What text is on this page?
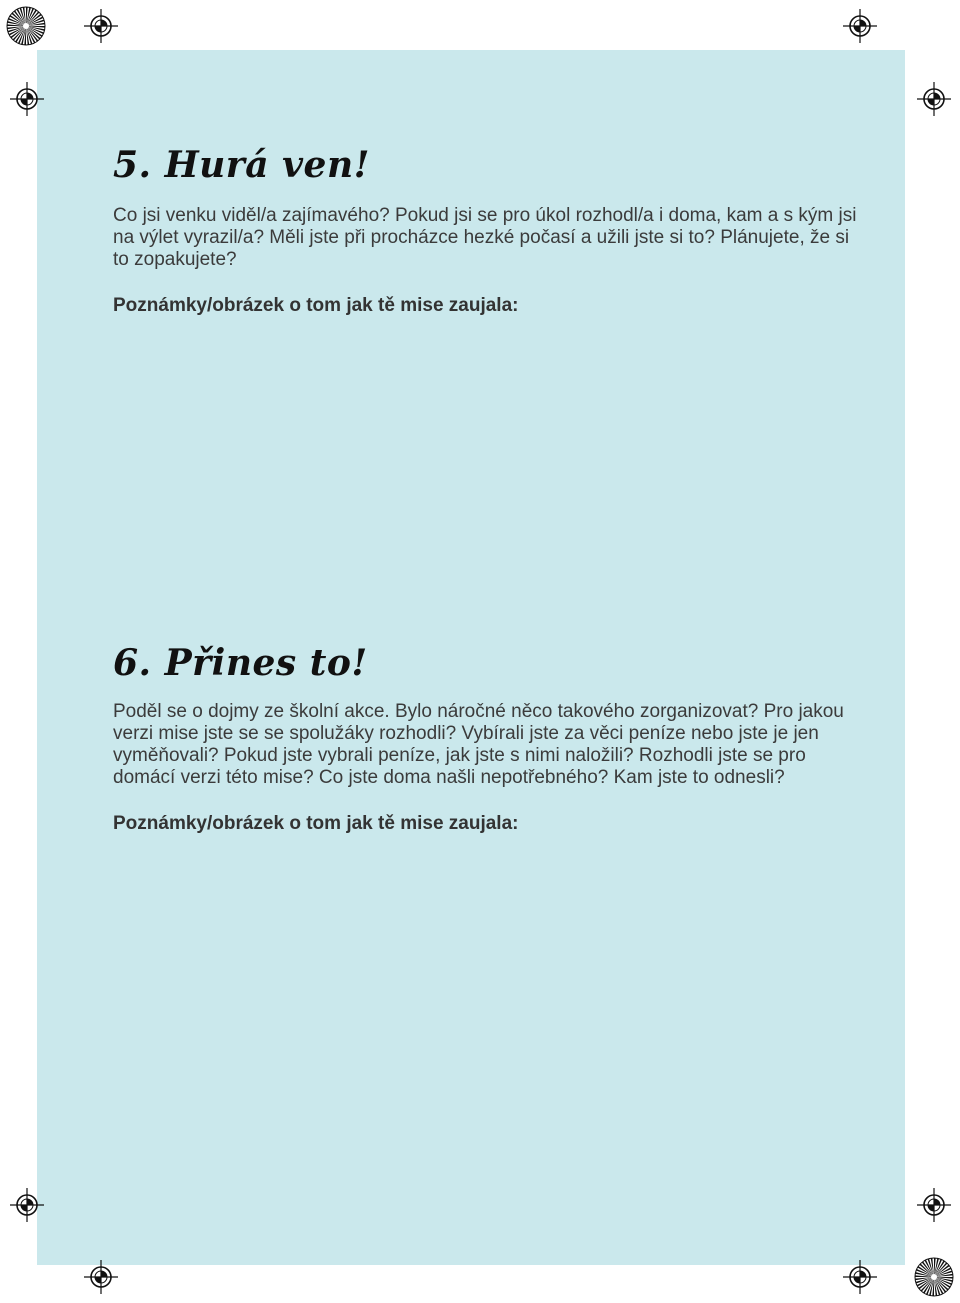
5. Hurá ven!

Co jsi venku viděl/a zajímavého? Pokud jsi se pro úkol rozhodl/a i doma, kam a s kým jsi na výlet vyrazil/a? Měli jste při procházce hezké počasí a užili jste si to? Plánujete, že si to zopakujete?

Poznámky/obrázek o tom jak tě mise zaujala:

6. Přines to!

Poděl se o dojmy ze školní akce. Bylo náročné něco takového zorganizovat? Pro jakou verzi mise jste se se spolužáky rozhodli? Vybírali jste za věci peníze nebo jste je jen vyměňovali? Pokud jste vybrali peníze, jak jste s nimi naložili? Rozhodli jste se pro domácí verzi této mise? Co jste doma našli nepotřebného? Kam jste to odnesli?

Poznámky/obrázek o tom jak tě mise zaujala:
